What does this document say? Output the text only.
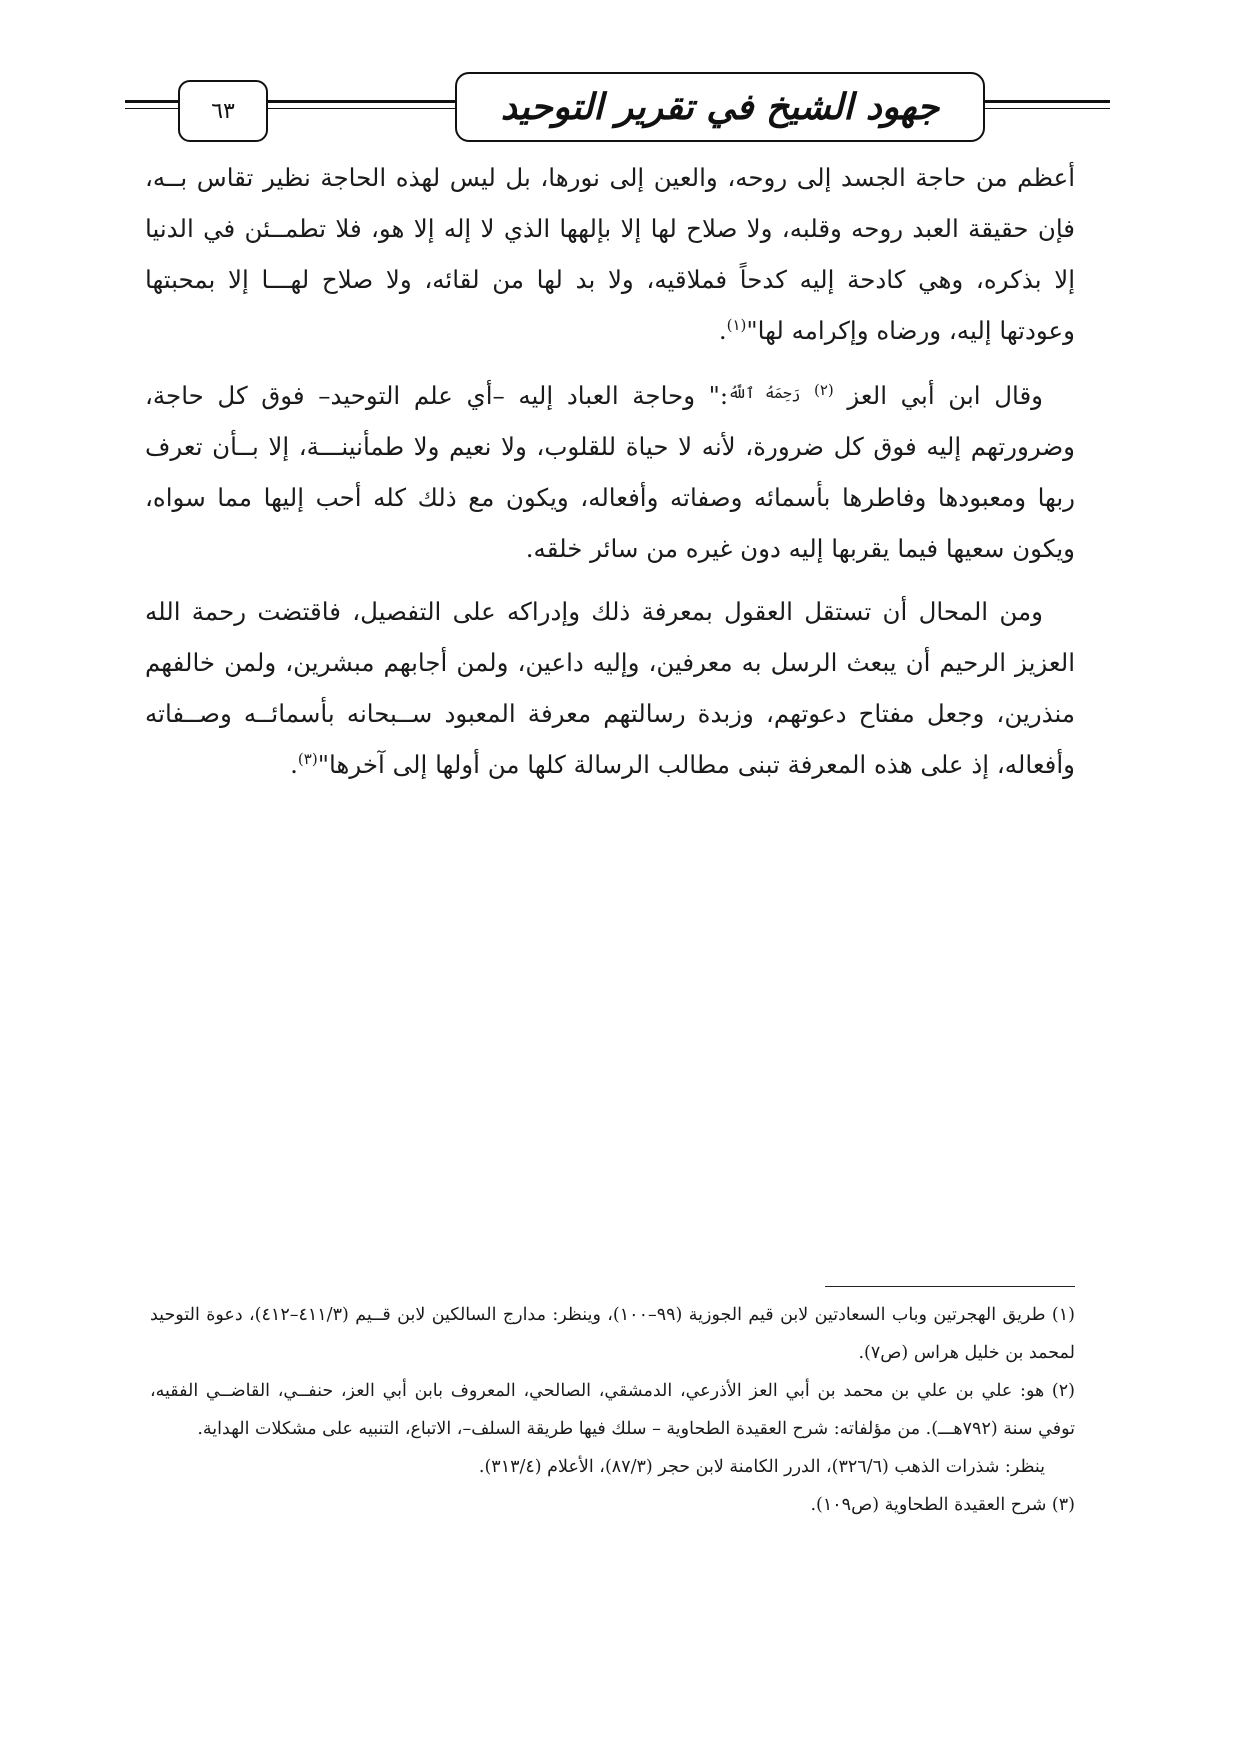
جهود الشيخ في تقرير التوحيد
٦٣

أعظم من حاجة الجسد إلى روحه، والعين إلى نورها، بل ليس لهذه الحاجة نظير تقاس بــه، فإن حقيقة العبد روحه وقلبه، ولا صلاح لها إلا بإلهها الذي لا إله إلا هو، فلا تطمــئن في الدنيا إلا بذكره، وهي كادحة إليه كدحاً فملاقيه، ولا بد لها من لقائه، ولا صلاح لهـــا إلا بمحبتها وعودتها إليه، ورضاه وإكرامه لها"$^{(١)}$.

وقال ابن أبي العز $^{(٢)}$ $^{رَحِمَهُ ٱللَّهُ}$:" وحاجة العباد إليه –أي علم التوحيد– فوق كل حاجة، وضرورتهم إليه فوق كل ضرورة، لأنه لا حياة للقلوب، ولا نعيم ولا طمأنينـــة، إلا بــأن تعرف ربها ومعبودها وفاطرها بأسمائه وصفاته وأفعاله، ويكون مع ذلك كله أحب إليها مما سواه، ويكون سعيها فيما يقربها إليه دون غيره من سائر خلقه.

ومن المحال أن تستقل العقول بمعرفة ذلك وإدراكه على التفصيل، فاقتضت رحمة الله العزيز الرحيم أن يبعث الرسل به معرفين، وإليه داعين، ولمن أجابهم مبشرين، ولمن خالفهم منذرين، وجعل مفتاح دعوتهم، وزبدة رسالتهم معرفة المعبود ســبحانه بأسمائــه وصــفاته وأفعاله، إذ على هذه المعرفة تبنى مطالب الرسالة كلها من أولها إلى آخرها"$^{(٣)}$.

(١) طريق الهجرتين وباب السعادتين لابن قيم الجوزية (٩٩–١٠٠)، وينظر: مدارج السالكين لابن قــيم (٤١١/٣–٤١٢)، دعوة التوحيد لمحمد بن خليل هراس (ص٧).

(٢) هو: علي بن علي بن محمد بن أبي العز الأذرعي، الدمشقي، الصالحي، المعروف بابن أبي العز، حنفــي، القاضــي الفقيه، توفي سنة (٧٩٢هـــ). من مؤلفاته: شرح العقيدة الطحاوية – سلك فيها طريقة السلف–، الاتباع، التنبيه على مشكلات الهداية.

ينظر: شذرات الذهب (٣٢٦/٦)، الدرر الكامنة لابن حجر (٨٧/٣)، الأعلام (٣١٣/٤).

(٣) شرح العقيدة الطحاوية (ص١٠٩).
